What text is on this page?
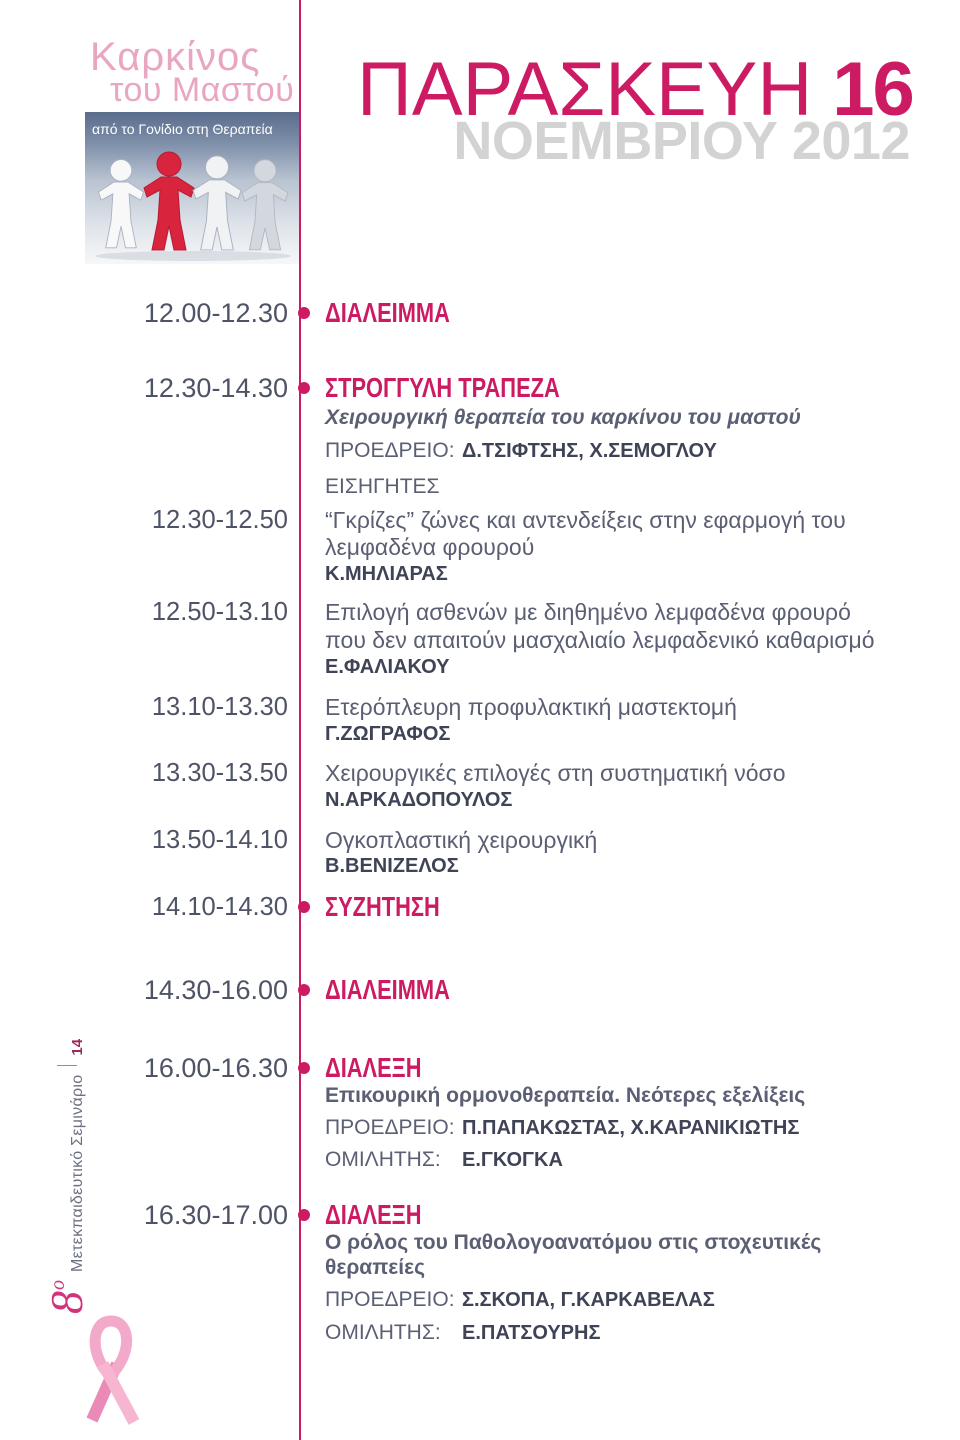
Καρκίνος
του Μαστού
από το Γονίδιο στη Θεραπεία ΠΑΡΑΣΚΕΥΗ 16
ΝΟΕΜΒΡΙΟΥ 2012
12.00-12.30 ΔΙΑΛΕΙΜΜΑ
12.30-14.30 ΣΤΡΟΓΓΥΛΗ ΤΡΑΠΕΖΑ
Χειρουργική θεραπεία του καρκίνου του μαστού
ΠΡΟΕΔΡΕΙΟ: Δ.ΤΣΙΦΤΣΗΣ, Χ.ΣΕΜΟΓΛΟΥ
ΕΙΣΗΓΗΤΕΣ
12.30-12.50 “Γκρίζες” ζώνες και αντενδείξεις στην εφαρμογή του
λεμφαδένα φρουρού
Κ.ΜΗΛΙΑΡΑΣ
12.50-13.10 Επιλογή ασθενών με διηθημένο λεμφαδένα φρουρό
που δεν απαιτούν μασχαλιαίο λεμφαδενικό καθαρισμό
Ε.ΦΑΛΙΑΚΟΥ
13.10-13.30 Ετερόπλευρη προφυλακτική μαστεκτομή
Γ.ΖΩΓΡΑΦΟΣ
13.30-13.50 Χειρουργικές επιλογές στη συστηματική νόσο
Ν.ΑΡΚΑΔΟΠΟΥΛΟΣ
13.50-14.10 Ογκοπλαστική χειρουργική
Β.ΒΕΝΙΖΕΛΟΣ
14.10-14.30 ΣΥΖΗΤΗΣΗ
14.30-16.00 ΔΙΑΛΕΙΜΜΑ
16.00-16.30 ΔΙΑΛΕΞΗ
Επικουρική ορμονοθεραπεία. Νεότερες εξελίξεις
ΠΡΟΕΔΡΕΙΟ: Π.ΠΑΠΑΚΩΣΤΑΣ, Χ.ΚΑΡΑΝΙΚΙΩΤΗΣ
ΟΜΙΛΗΤΗΣ: Ε.ΓΚΟΓΚΑ
16.30-17.00 ΔΙΑΛΕΞΗ
Ο ρόλος του Παθολογοανατόμου στις στοχευτικές
θεραπείες
ΠΡΟΕΔΡΕΙΟ: Σ.ΣΚΟΠΑ, Γ.ΚΑΡΚΑΒΕΛΑΣ
ΟΜΙΛΗΤΗΣ: Ε.ΠΑΤΣΟΥΡΗΣ
8
ο
Μετεκπαιδευτικό Σεμινάριο
14
